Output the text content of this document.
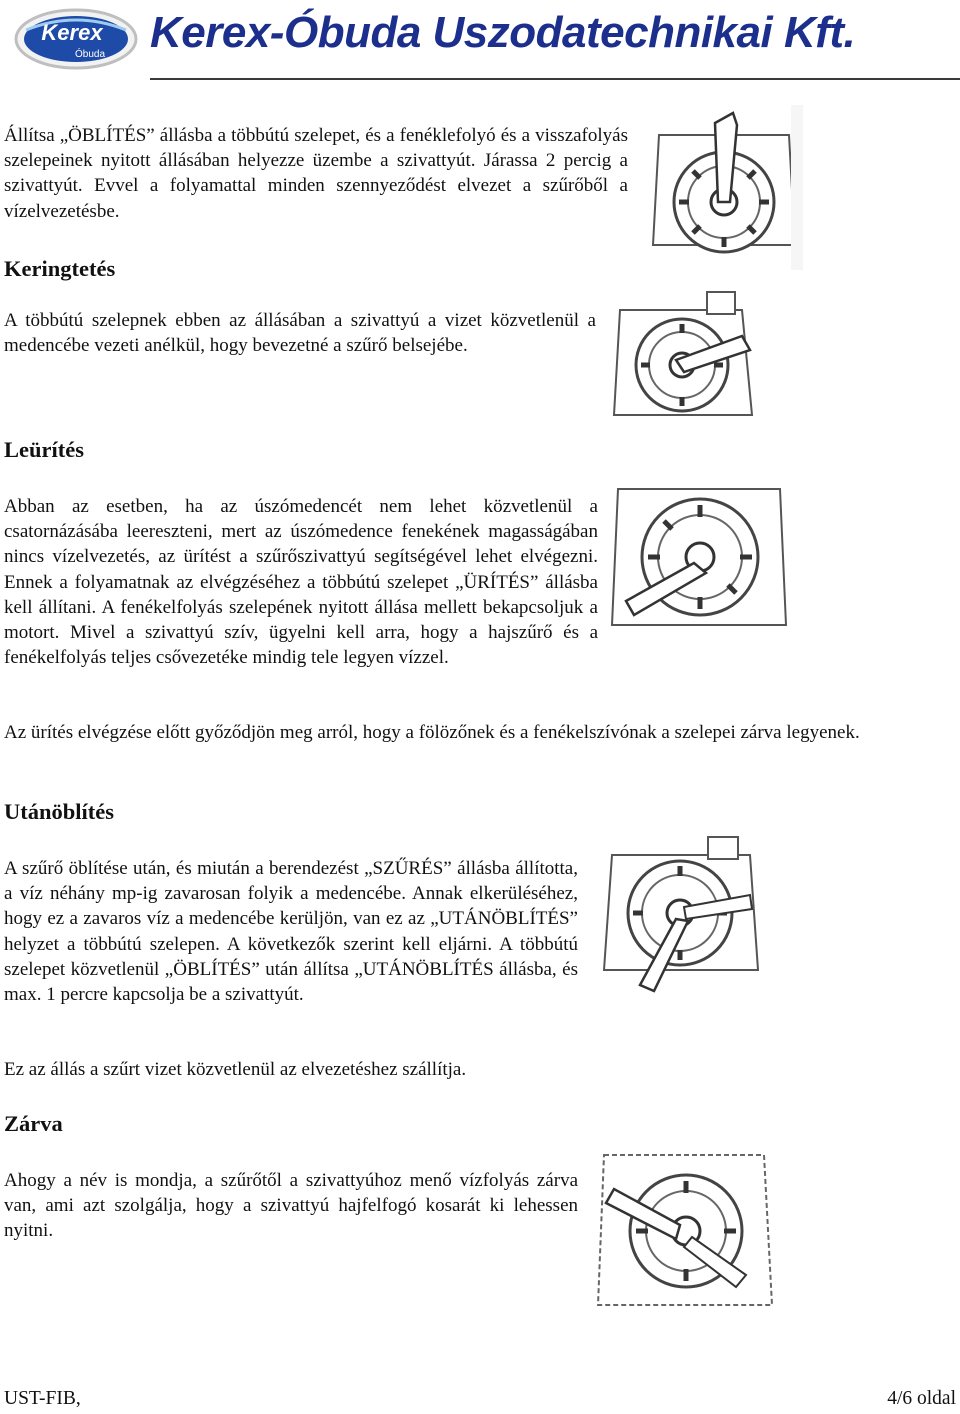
Kerex
Óbuda Kerex-Óbuda Uszodatechnikai Kft.

Állítsa „ÖBLÍTÉS” állásba a többútú szelepet, és a fenéklefolyó és a visszafolyás szelepeinek nyitott állásában helyezze üzembe a szivattyút. Járassa 2 percig a szivattyút. Evvel a folyamattal minden szennyeződést elvezet a szűrőből a vízelvezetésbe.

Keringtetés

A többútú szelepnek ebben az állásában a szivattyú a vizet közvetlenül a medencébe vezeti anélkül, hogy bevezetné a szűrő belsejébe.

Leürítés

Abban az esetben, ha az úszómedencét nem lehet közvetlenül a csatornázásába leereszteni, mert az úszómedence fenekének magasságában nincs vízelvezetés, az ürítést a szűrőszivattyú segítségével lehet elvégezni. Ennek a folyamatnak az elvégzéséhez a többútú szelepet „ÜRÍTÉS” állásba kell állítani. A fenékelfolyás szelepének nyitott állása mellett bekapcsoljuk a motort. Mivel a szivattyú szív, ügyelni kell arra, hogy a hajszűrő és a fenékelfolyás teljes csővezetéke mindig tele legyen vízzel.

Az ürítés elvégzése előtt győződjön meg arról, hogy a fölözőnek és a fenékelszívónak a szelepei zárva legyenek.

Utánöblítés

A szűrő öblítése után, és miután a berendezést „SZŰRÉS” állásba állította, a víz néhány mp-ig zavarosan folyik a medencébe. Annak elkerüléséhez, hogy ez a zavaros víz a medencébe kerüljön, van ez az „UTÁNÖBLÍTÉS” helyzet a többútú szelepen. A következők szerint kell eljárni. A többútú szelepet közvetlenül „ÖBLÍTÉS” után állítsa „UTÁNÖBLÍTÉS állásba, és max. 1 percre kapcsolja be a szivattyút.

Ez az állás a szűrt vizet közvetlenül az elvezetéshez szállítja.

Zárva

Ahogy a név is mondja, a szűrőtől a szivattyúhoz menő vízfolyás zárva van, ami azt szolgálja, hogy a szivattyú hajfelfogó kosarát ki lehessen nyitni.

UST-FIB,	4/6 oldal
